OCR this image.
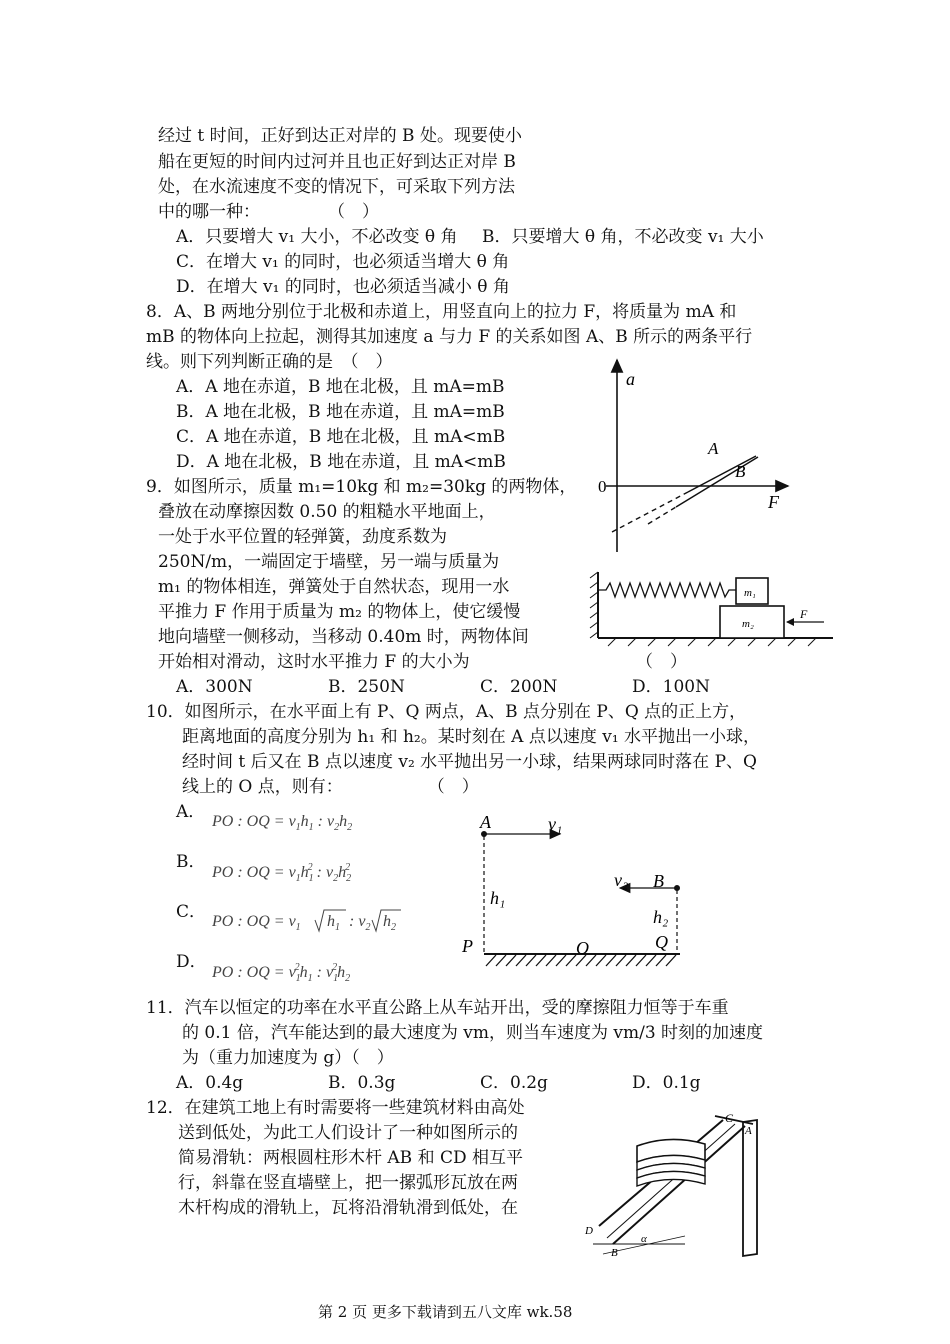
经过 t 时间，正好到达正对岸的 B 处。现要使小
船在更短的时间内过河并且也正好到达正对岸 B
处，在水流速度不变的情况下，可采取下列方法
中的哪一种：　　　　　（　）
A．只要增大 v₁ 大小，不必改变 θ 角 B．只要增大 θ 角，不必改变 v₁ 大小
C．在增大 v₁ 的同时，也必须适当增大 θ 角
D．在增大 v₁ 的同时，也必须适当减小 θ 角
8．A、B 两地分别位于北极和赤道上，用竖直向上的拉力 F，将质量为 mA 和
mB 的物体向上拉起，测得其加速度 a 与力 F 的关系如图 A、B 所示的两条平行
线。则下列判断正确的是　（　）
A．A 地在赤道，B 地在北极，且 mA=mB
B．A 地在北极，B 地在赤道，且 mA=mB
C．A 地在赤道，B 地在北极，且 mA<mB
D．A 地在北极，B 地在赤道，且 mA<mB
a
0
F
A
B
9．如图所示，质量 m₁=10kg 和 m₂=30kg 的两物体，
叠放在动摩擦因数 0.50 的粗糙水平地面上，
一处于水平位置的轻弹簧，劲度系数为
250N/m，一端固定于墙壁，另一端与质量为
m₁ 的物体相连，弹簧处于自然状态，现用一水
平推力 F 作用于质量为 m₂ 的物体上，使它缓慢
地向墙壁一侧移动，当移动 0.40m 时，两物体间
开始相对滑动，这时水平推力 F 的大小为	（　）
A．300N	B．250N	C．200N	D．100N
m₁
m₂
F
10．如图所示，在水平面上有 P、Q 两点，A、B 点分别在 P、Q 点的正上方，
距离地面的高度分别为 h₁ 和 h₂。某时刻在 A 点以速度 v₁ 水平抛出一小球，
经时间 t 后又在 B 点以速度 v₂ 水平抛出另一小球，结果两球同时落在 P、Q
线上的 O 点，则有：　　　　　　（　）
A． PO : OQ = $v_1h_1$ : $v_2h_2$
B．
PO : OQ = $v_1h_12$ : $v_2h_22$
C． PO : OQ = $v_1$ $h_1$ : $v_2$ $h_2$
D．
PO : OQ = $v_12h_1$ : $v_12h_2$
A	v₁
h₁
P	O
v₂ B
h₂
Q
11．汽车以恒定的功率在水平直公路上从车站开出，受的摩擦阻力恒等于车重
的 0.1 倍，汽车能达到的最大速度为 vm，则当车速度为 vm/3 时刻的加速度
为（重力加速度为 g）（　）
A．0.4g	B．0.3g	C．0.2g	D．0.1g
12．在建筑工地上有时需要将一些建筑材料由高处
送到低处，为此工人们设计了一种如图所示的
简易滑轨：两根圆柱形木杆 AB 和 CD 相互平
行，斜靠在竖直墙壁上，把一摞弧形瓦放在两
木杆构成的滑轨上，瓦将沿滑轨滑到低处，在
C
A
D
B
α
第 2 页 更多下载请到五八文库 wk.58
